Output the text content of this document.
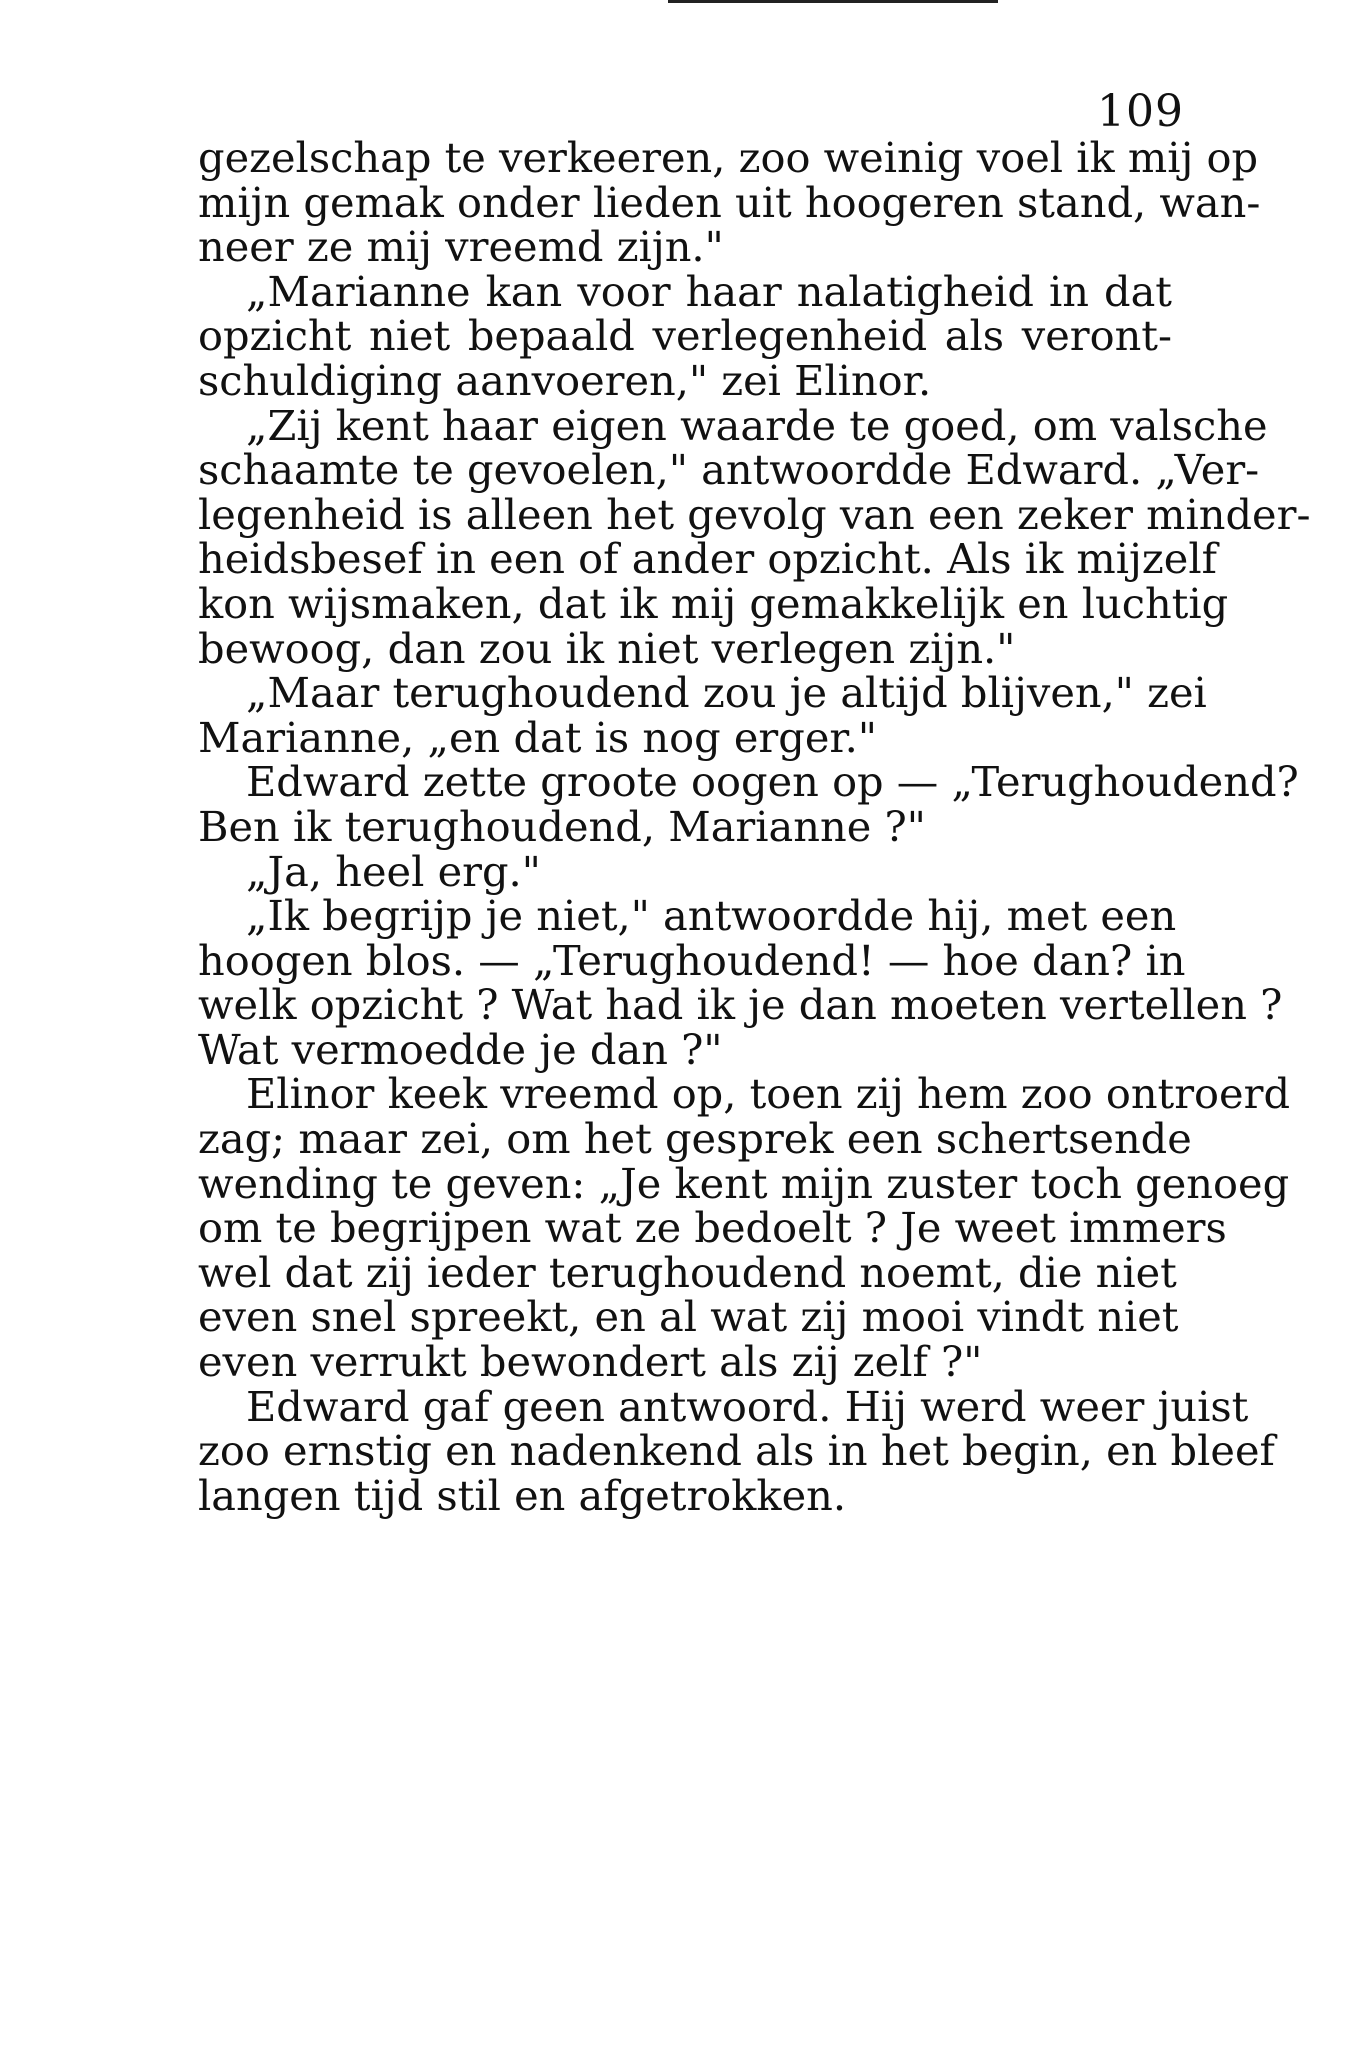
109
gezelschap te verkeeren, zoo weinig voel ik mij op
mijn gemak onder lieden uit hoogeren stand, wan-
neer ze mij vreemd zijn."
„Marianne kan voor haar nalatigheid in dat
opzicht niet bepaald verlegenheid als veront-
schuldiging aanvoeren," zei Elinor.
„Zij kent haar eigen waarde te goed, om valsche
schaamte te gevoelen," antwoordde Edward. „Ver-
legenheid is alleen het gevolg van een zeker minder-
heidsbesef in een of ander opzicht. Als ik mijzelf
kon wijsmaken, dat ik mij gemakkelijk en luchtig
bewoog, dan zou ik niet verlegen zijn."
„Maar terughoudend zou je altijd blijven," zei
Marianne, „en dat is nog erger."
Edward zette groote oogen op — „Terughoudend?
Ben ik terughoudend, Marianne ?"
„Ja, heel erg."
„Ik begrijp je niet," antwoordde hij, met een
hoogen blos. — „Terughoudend! — hoe dan? in
welk opzicht ? Wat had ik je dan moeten vertellen ?
Wat vermoedde je dan ?"
Elinor keek vreemd op, toen zij hem zoo ontroerd
zag; maar zei, om het gesprek een schertsende
wending te geven: „Je kent mijn zuster toch genoeg
om te begrijpen wat ze bedoelt ? Je weet immers
wel dat zij ieder terughoudend noemt, die niet
even snel spreekt, en al wat zij mooi vindt niet
even verrukt bewondert als zij zelf ?"
Edward gaf geen antwoord. Hij werd weer juist
zoo ernstig en nadenkend als in het begin, en bleef
langen tijd stil en afgetrokken.
